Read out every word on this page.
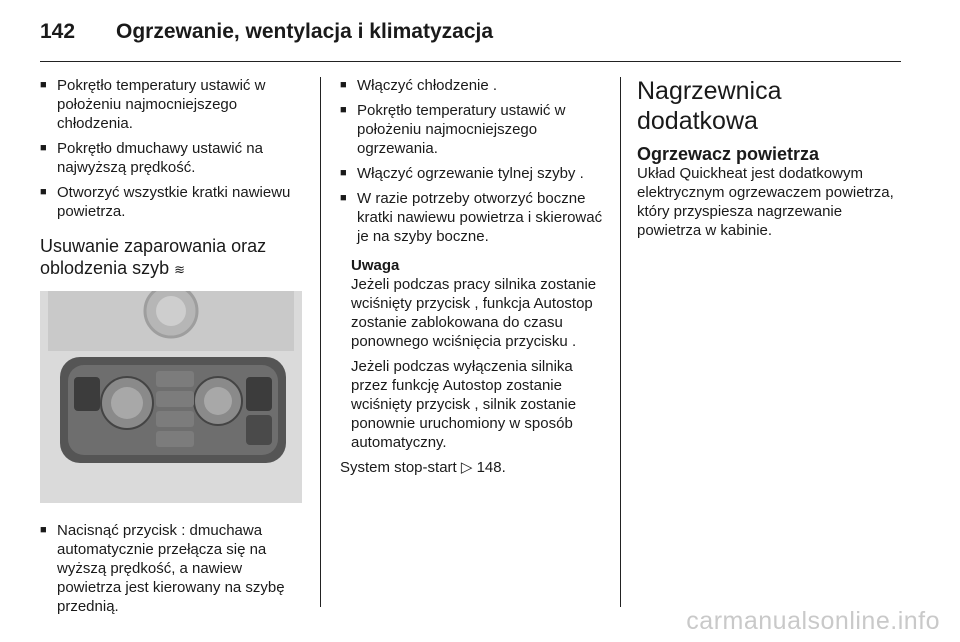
142 Ogrzewanie, wentylacja i klimatyzacja
■ Pokrętło temperatury ustawić w położeniu najmocniejszego chłodzenia.
■ Pokrętło dmuchawy ustawić na najwyższą prędkość.
■ Otworzyć wszystkie kratki nawiewu powietrza.
Usuwanie zaparowania oraz oblodzenia szyb ≋
■ Nacisnąć przycisk : dmuchawa automatycznie przełącza się na wyższą prędkość, a nawiew powietrza jest kierowany na szybę przednią.
■ Włączyć chłodzenie .
■ Pokrętło temperatury ustawić w położeniu najmocniejszego ogrzewania.
■ Włączyć ogrzewanie tylnej szyby .
■ W razie potrzeby otworzyć boczne kratki nawiewu powietrza i skierować je na szyby boczne.
Uwaga
Jeżeli podczas pracy silnika zostanie wciśnięty przycisk , funkcja Autostop zostanie zablokowana do czasu ponownego wciśnięcia przycisku .
Jeżeli podczas wyłączenia silnika przez funkcję Autostop zostanie wciśnięty przycisk , silnik zostanie ponownie uruchomiony w sposób automatyczny.
System stop-start ▷ 148.
Nagrzewnica dodatkowa
Ogrzewacz powietrza
Układ Quickheat jest dodatkowym elektrycznym ogrzewaczem powietrza, który przyspiesza nagrzewanie powietrza w kabinie.
carmanualsonline.info
